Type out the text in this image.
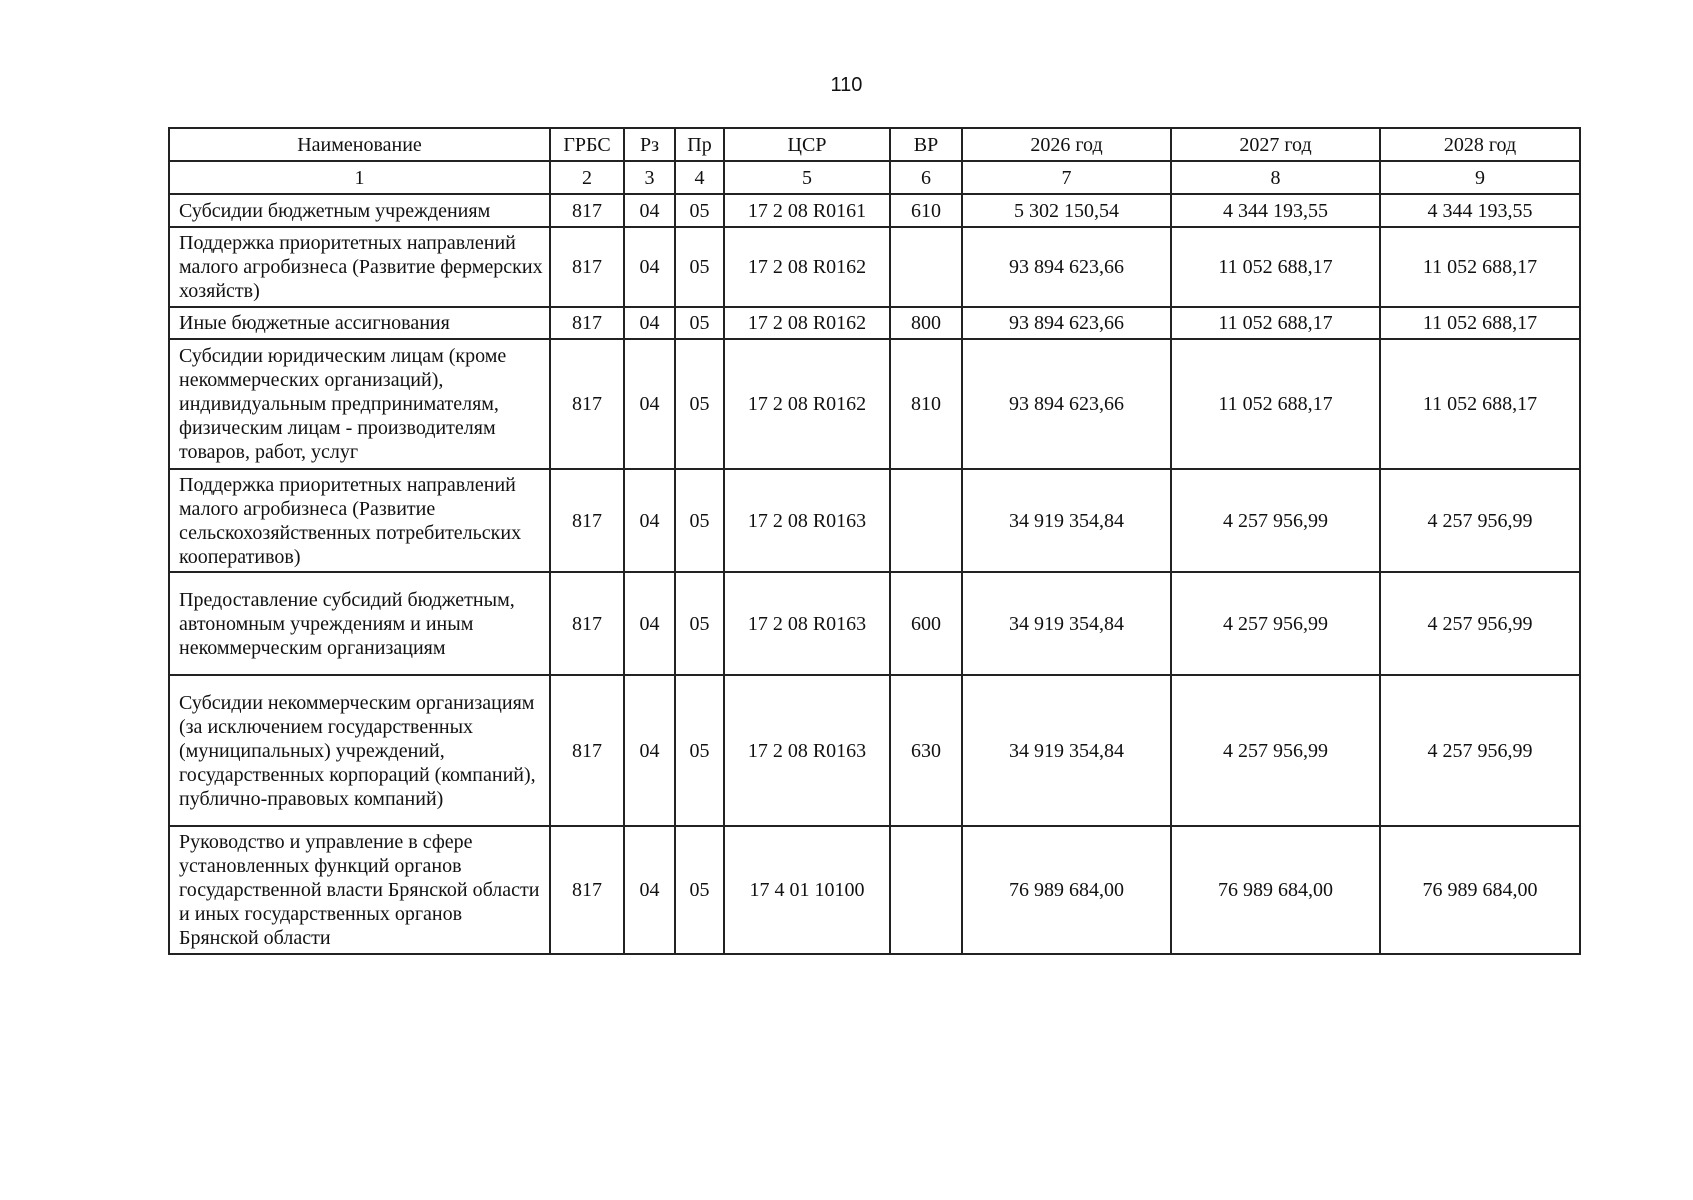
110
Наименование	ГРБС	Рз	Пр	ЦСР	ВР	2026 год	2027 год	2028 год
1	2	3	4	5	6	7	8	9
Субсидии бюджетным учреждениям	817	04	05	17 2 08 R0161	610	5 302 150,54	4 344 193,55	4 344 193,55
Поддержка приоритетных направлений малого агробизнеса (Развитие фермерских хозяйств)	817	04	05	17 2 08 R0162		93 894 623,66	11 052 688,17	11 052 688,17
Иные бюджетные ассигнования	817	04	05	17 2 08 R0162	800	93 894 623,66	11 052 688,17	11 052 688,17
Субсидии юридическим лицам (кроме некоммерческих организаций), индивидуальным предпринимателям, физическим лицам - производителям товаров, работ, услуг	817	04	05	17 2 08 R0162	810	93 894 623,66	11 052 688,17	11 052 688,17
Поддержка приоритетных направлений малого агробизнеса (Развитие сельскохозяйственных потребительских кооперативов)	817	04	05	17 2 08 R0163		34 919 354,84	4 257 956,99	4 257 956,99
Предоставление субсидий бюджетным, автономным учреждениям и иным некоммерческим организациям	817	04	05	17 2 08 R0163	600	34 919 354,84	4 257 956,99	4 257 956,99
Субсидии некоммерческим организациям (за исключением государственных (муниципальных) учреждений, государственных корпораций (компаний), публично-правовых компаний)	817	04	05	17 2 08 R0163	630	34 919 354,84	4 257 956,99	4 257 956,99
Руководство и управление в сфере установленных функций органов государственной власти Брянской области и иных государственных органов Брянской области	817	04	05	17 4 01 10100		76 989 684,00	76 989 684,00	76 989 684,00
